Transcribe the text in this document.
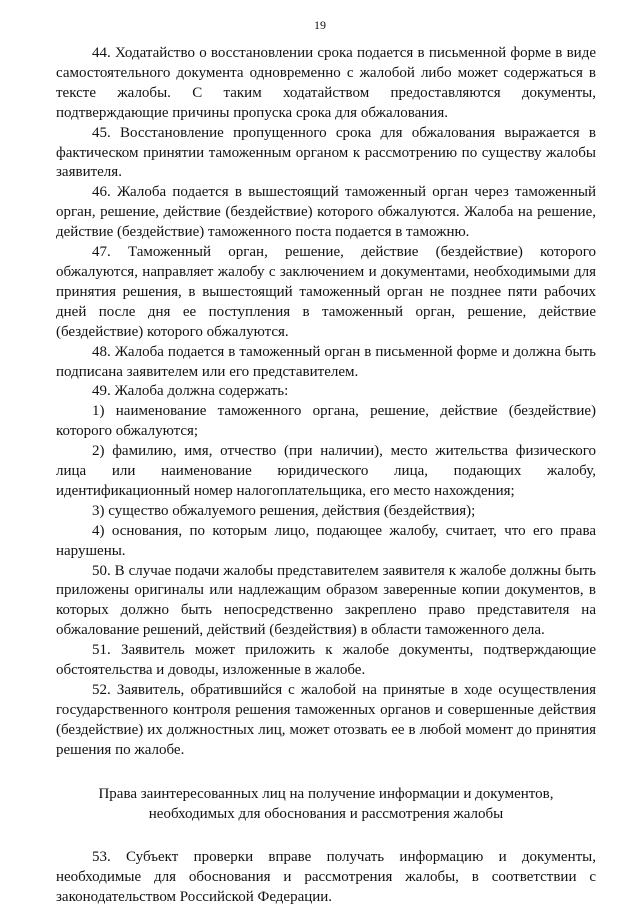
19

44. Ходатайство о восстановлении срока подается в письменной форме в виде самостоятельного документа одновременно с жалобой либо может содержаться в тексте жалобы. С таким ходатайством предоставляются документы, подтверждающие причины пропуска срока для обжалования.

45. Восстановление пропущенного срока для обжалования выражается в фактическом принятии таможенным органом к рассмотрению по существу жалобы заявителя.

46. Жалоба подается в вышестоящий таможенный орган через таможенный орган, решение, действие (бездействие) которого обжалуются. Жалоба на решение, действие (бездействие) таможенного поста подается в таможню.

47. Таможенный орган, решение, действие (бездействие) которого обжалуются, направляет жалобу с заключением и документами, необходимыми для принятия решения, в вышестоящий таможенный орган не позднее пяти рабочих дней после дня ее поступления в таможенный орган, решение, действие (бездействие) которого обжалуются.

48. Жалоба подается в таможенный орган в письменной форме и должна быть подписана заявителем или его представителем.

49. Жалоба должна содержать:

1) наименование таможенного органа, решение, действие (бездействие) которого обжалуются;

2) фамилию, имя, отчество (при наличии), место жительства физического лица или наименование юридического лица, подающих жалобу, идентификационный номер налогоплательщика, его место нахождения;

3) существо обжалуемого решения, действия (бездействия);

4) основания, по которым лицо, подающее жалобу, считает, что его права нарушены.

50. В случае подачи жалобы представителем заявителя к жалобе должны быть приложены оригиналы или надлежащим образом заверенные копии документов, в которых должно быть непосредственно закреплено право представителя на обжалование решений, действий (бездействия) в области таможенного дела.

51. Заявитель может приложить к жалобе документы, подтверждающие обстоятельства и доводы, изложенные в жалобе.

52. Заявитель, обратившийся с жалобой на принятые в ходе осуществления государственного контроля решения таможенных органов и совершенные действия (бездействие) их должностных лиц, может отозвать ее в любой момент до принятия решения по жалобе.

Права заинтересованных лиц на получение информации и документов,
необходимых для обоснования и рассмотрения жалобы

53. Субъект проверки вправе получать информацию и документы, необходимые для обоснования и рассмотрения жалобы, в соответствии с законодательством Российской Федерации.
